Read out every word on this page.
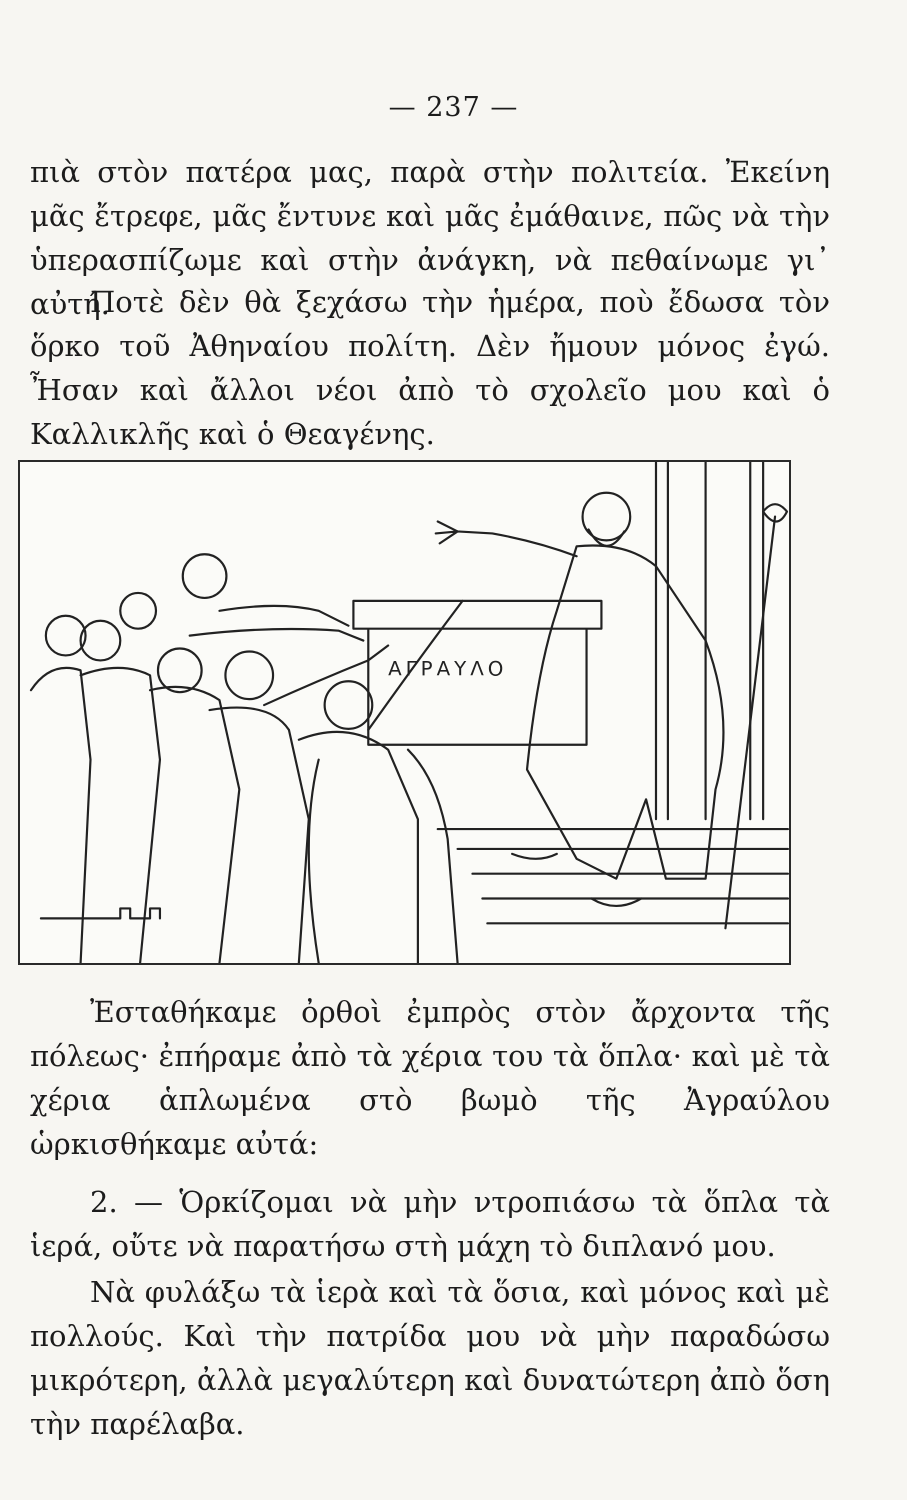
— 237 —
πιὰ στὸν πατέρα μας, παρὰ στὴν πολιτεία. Ἐκείνη μᾶς ἔτρεφε, μᾶς ἔντυνε καὶ μᾶς ἐμάθαινε, πῶς νὰ τὴν ὑπερασπίζωμε καὶ στὴν ἀνάγκη, νὰ πεθαίνωμε γι᾿ αὐτή.
Ποτὲ δὲν θὰ ξεχάσω τὴν ἡμέρα, ποὺ ἔδωσα τὸν ὅρκο τοῦ Ἀθηναίου πολίτη. Δὲν ἤμουν μόνος ἐγώ. Ἦσαν καὶ ἄλλοι νέοι ἀπὸ τὸ σχολεῖο μου καὶ ὁ Καλλικλῆς καὶ ὁ Θεαγένης.
ΑΓΡΑΥΛΟ
Ἐσταθήκαμε ὀρθοὶ ἐμπρὸς στὸν ἄρχοντα τῆς πόλεως· ἐπήραμε ἀπὸ τὰ χέρια του τὰ ὅπλα· καὶ μὲ τὰ χέρια ἁπλωμένα στὸ βωμὸ τῆς Ἀγραύλου ὡρκισθήκαμε αὐτά:
2. — Ὁρκίζομαι νὰ μὴν ντροπιάσω τὰ ὅπλα τὰ ἱερά, οὔτε νὰ παρατήσω στὴ μάχη τὸ διπλανό μου.
Νὰ φυλάξω τὰ ἱερὰ καὶ τὰ ὅσια, καὶ μόνος καὶ μὲ πολλούς. Καὶ τὴν πατρίδα μου νὰ μὴν παραδώσω μικρότερη, ἀλλὰ μεγαλύτερη καὶ δυνατώτερη ἀπὸ ὅση τὴν παρέλαβα.
